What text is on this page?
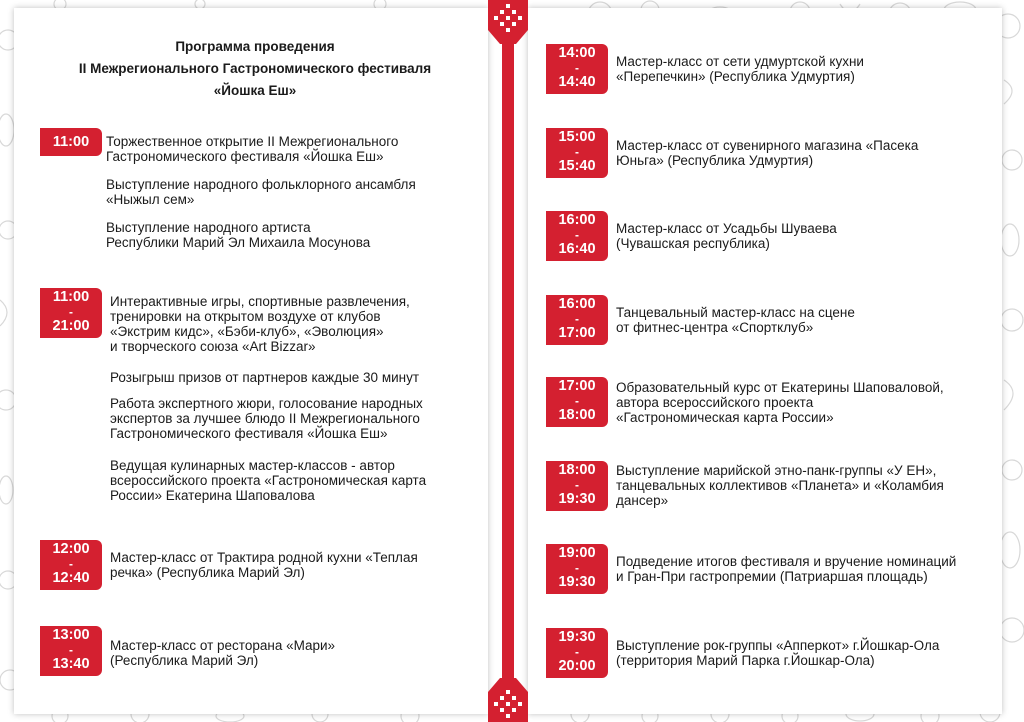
Программа проведения
II Межрегионального Гастрономического фестиваля
«Йошка Еш»
11:00	Торжественное открытие II Межрегионального
Гастрономического фестиваля «Йошка Еш»
Выступление народного фольклорного ансамбля
«Ныжыл сем»
Выступление народного артиста
Республики Марий Эл Михаила Мосунова
11:00
-
21:00
Интерактивные игры, спортивные развлечения,
тренировки на открытом воздухе от клубов
«Экстрим кидс», «Бэби-клуб», «Эволюция»
и творческого союза «Art Bizzar»
Розыгрыш призов от партнеров каждые 30 минут
Работа экспертного жюри, голосование народных
экспертов за лучшее блюдо II Межрегионального
Гастрономического фестиваля «Йошка Еш»
Ведущая кулинарных мастер-классов - автор
всероссийского проекта «Гастрономическая карта
России» Екатерина Шаповалова
12:00
-
12:40
Мастер-класс от Трактира родной кухни «Теплая
речка» (Республика Марий Эл)
13:00
-
13:40
Мастер-класс от ресторана «Мари»
(Республика Марий Эл)
14:00
-
14:40
Мастер-класс от сети удмуртской кухни
«Перепечкин» (Республика Удмуртия)
15:00
-
15:40
Мастер-класс от сувенирного магазина «Пасека
Юньга» (Республика Удмуртия)
16:00
-
16:40
Мастер-класс от Усадьбы Шуваева
(Чувашская республика)
16:00
-
17:00
Танцевальный мастер-класс на сцене
от фитнес-центра «Спортклуб»
17:00
-
18:00
Образовательный курс от Екатерины Шаповаловой,
автора всероссийского проекта
«Гастрономическая карта России»
18:00
-
19:30
Выступление марийской этно-панк-группы «У ЕН»,
танцевальных коллективов «Планета» и «Коламбия
дансер»
19:00
-
19:30
Подведение итогов фестиваля и вручение номинаций
и Гран-При гастропремии (Патриаршая площадь)
19:30
-
20:00
Выступление рок-группы «Апперкот» г.Йошкар-Ола
(территория Марий Парка г.Йошкар-Ола)
